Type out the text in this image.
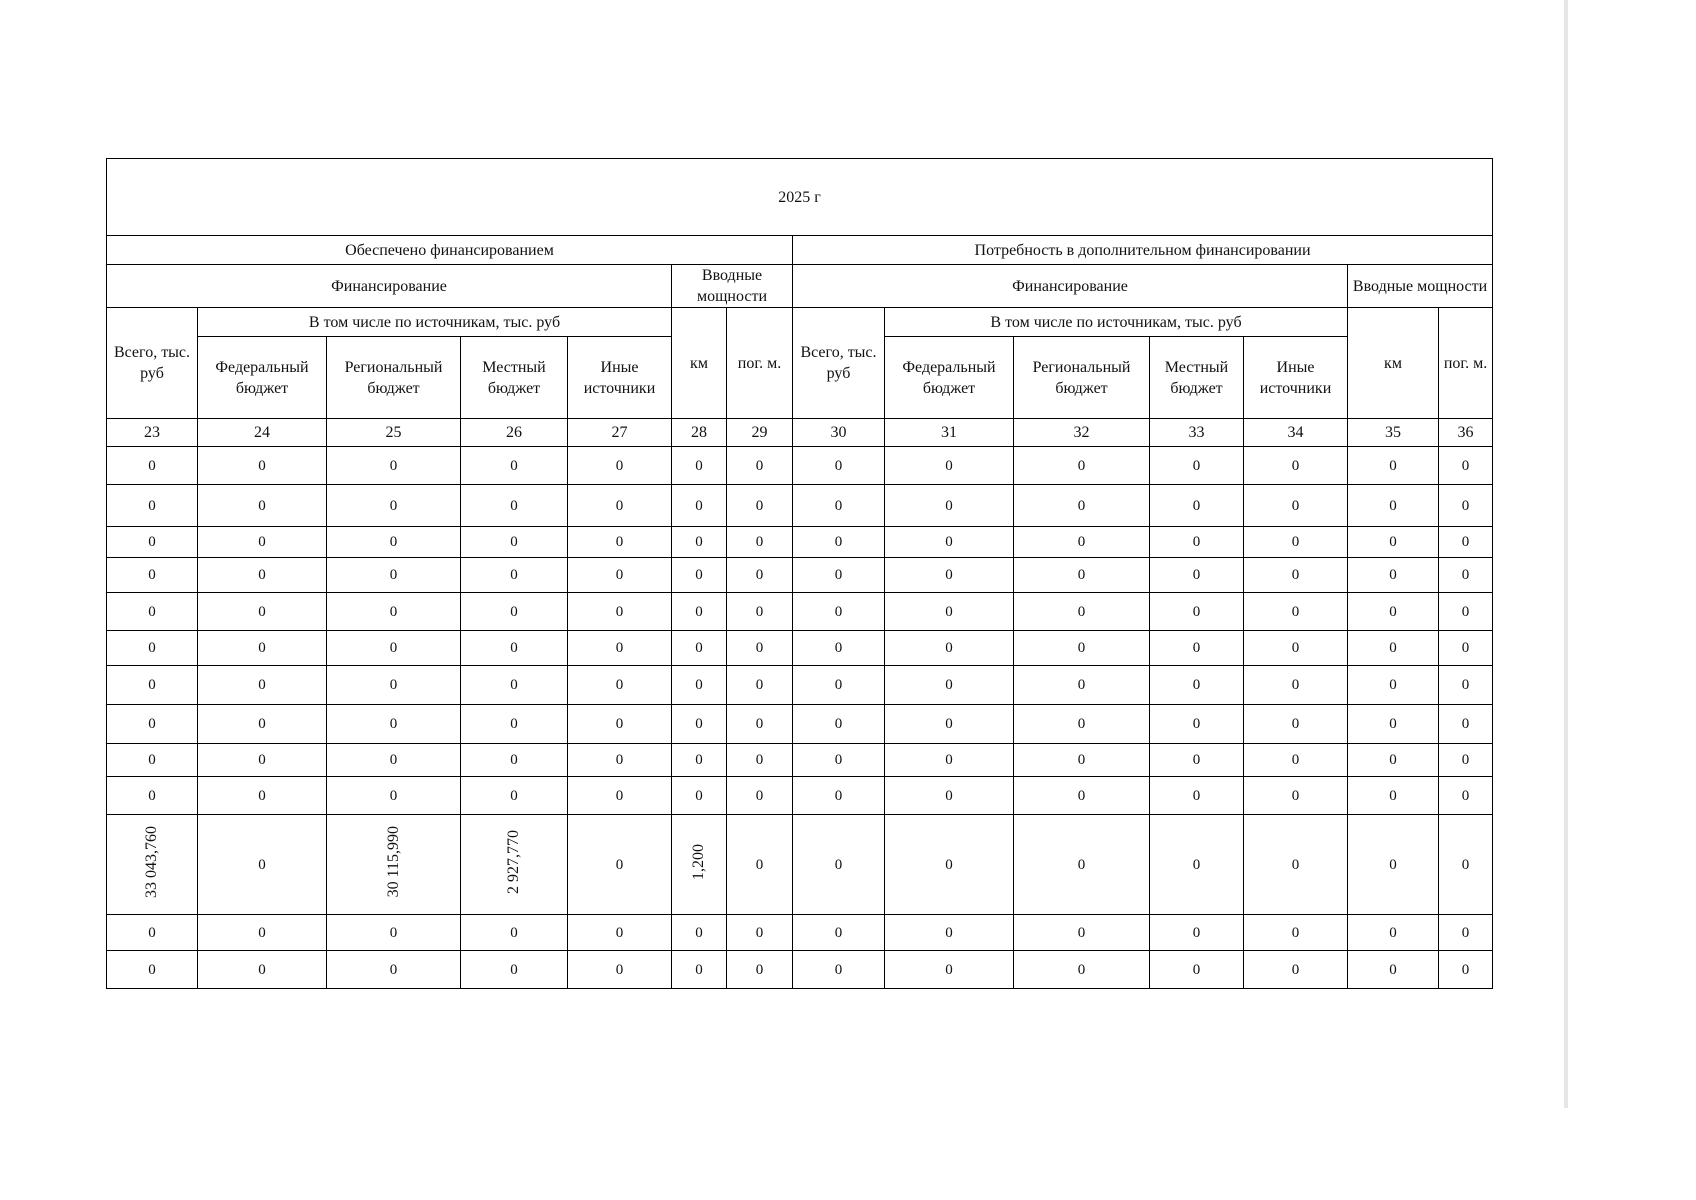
2025 г													
Обеспечено финансированием							Потребность в дополнительном финансировании						
Финансирование					Вводные мощности		Финансирование					Вводные мощности	
Всего, тыс. руб	В том числе по источникам, тыс. руб				км	пог. м.	Всего, тыс. руб	В том числе по источникам, тыс. руб				км	пог. м.
	Федеральный бюджет	Региональный бюджет	Местный бюджет	Иные источники				Федеральный бюджет	Региональный бюджет	Местный бюджет	Иные источники		
23	24	25	26	27	28	29	30	31	32	33	34	35	36
0	0	0	0	0	0	0	0	0	0	0	0	0	0
0	0	0	0	0	0	0	0	0	0	0	0	0	0
0	0	0	0	0	0	0	0	0	0	0	0	0	0
0	0	0	0	0	0	0	0	0	0	0	0	0	0
0	0	0	0	0	0	0	0	0	0	0	0	0	0
0	0	0	0	0	0	0	0	0	0	0	0	0	0
0	0	0	0	0	0	0	0	0	0	0	0	0	0
0	0	0	0	0	0	0	0	0	0	0	0	0	0
0	0	0	0	0	0	0	0	0	0	0	0	0	0
0	0	0	0	0	0	0	0	0	0	0	0	0	0
33 043,760	0	30 115,990	2 927,770	0	1,200	0	0	0	0	0	0	0	0
0	0	0	0	0	0	0	0	0	0	0	0	0	0
0	0	0	0	0	0	0	0	0	0	0	0	0	0
